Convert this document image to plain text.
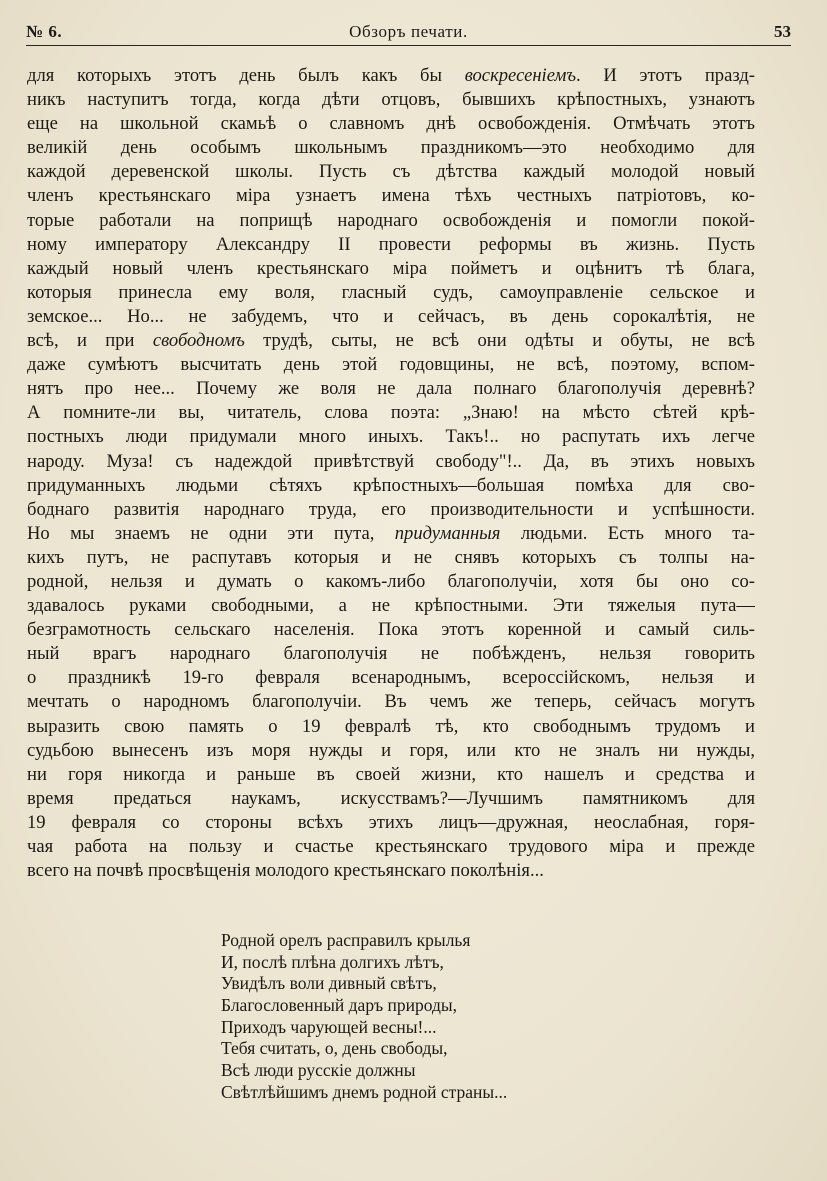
№ 6.	Обзоръ печати.	53
для которыхъ этотъ день былъ какъ бы воскресеніемъ. И этотъ празд-
никъ наступитъ тогда, когда дѣти отцовъ, бывшихъ крѣпостныхъ, узнаютъ
еще на школьной скамьѣ о славномъ днѣ освобожденія. Отмѣчать этотъ
великій день особымъ школьнымъ праздникомъ—это необходимо для
каждой деревенской школы. Пусть съ дѣтства каждый молодой новый
членъ крестьянскаго міра узнаетъ имена тѣхъ честныхъ патріотовъ, ко-
торые работали на поприщѣ народнаго освобожденія и помогли покой-
ному императору Александру II провести реформы въ жизнь. Пусть
каждый новый членъ крестьянскаго міра пойметъ и оцѣнитъ тѣ блага,
которыя принесла ему воля, гласный судъ, самоуправленіе сельское и
земское... Но... не забудемъ, что и сейчасъ, въ день сорокалѣтія, не
всѣ, и при свободномъ трудѣ, сыты, не всѣ они одѣты и обуты, не всѣ
даже сумѣютъ высчитать день этой годовщины, не всѣ, поэтому, вспом-
нятъ про нее... Почему же воля не дала полнаго благополучія деревнѣ?
А помните-ли вы, читатель, слова поэта: „Знаю! на мѣсто сѣтей крѣ-
постныхъ люди придумали много иныхъ. Такъ!.. но распутать ихъ легче
народу. Муза! съ надеждой привѣтствуй свободу"!.. Да, въ этихъ новыхъ
придуманныхъ людьми сѣтяхъ крѣпостныхъ—большая помѣха для сво-
боднаго развитія народнаго труда, его производительности и успѣшности.
Но мы знаемъ не одни эти пута, придуманныя людьми. Есть много та-
кихъ путъ, не распутавъ которыя и не снявъ которыхъ съ толпы на-
родной, нельзя и думать о какомъ-либо благополучіи, хотя бы оно со-
здавалось руками свободными, а не крѣпостными. Эти тяжелыя пута—
безграмотность сельскаго населенія. Пока этотъ коренной и самый силь-
ный врагъ народнаго благополучія не побѣжденъ, нельзя говорить
о праздникѣ 19-го февраля всенароднымъ, всероссійскомъ, нельзя и
мечтать о народномъ благополучіи. Въ чемъ же теперь, сейчасъ могутъ
выразить свою память о 19 февралѣ тѣ, кто свободнымъ трудомъ и
судьбою вынесенъ изъ моря нужды и горя, или кто не зналъ ни нужды,
ни горя никогда и раньше въ своей жизни, кто нашелъ и средства и
время предаться наукамъ, искусствамъ?—Лучшимъ памятникомъ для
19 февраля со стороны всѣхъ этихъ лицъ—дружная, неослабная, горя-
чая работа на пользу и счастье крестьянскаго трудового міра и прежде
всего на почвѣ просвѣщенія молодого крестьянскаго поколѣнія...
Родной орелъ расправилъ крылья
И, послѣ плѣна долгихъ лѣтъ,
Увидѣлъ воли дивный свѣтъ,
Благословенный даръ природы,
Приходъ чарующей весны!...
Тебя считать, о, день свободы,
Всѣ люди русскіе должны
Свѣтлѣйшимъ днемъ родной страны...
